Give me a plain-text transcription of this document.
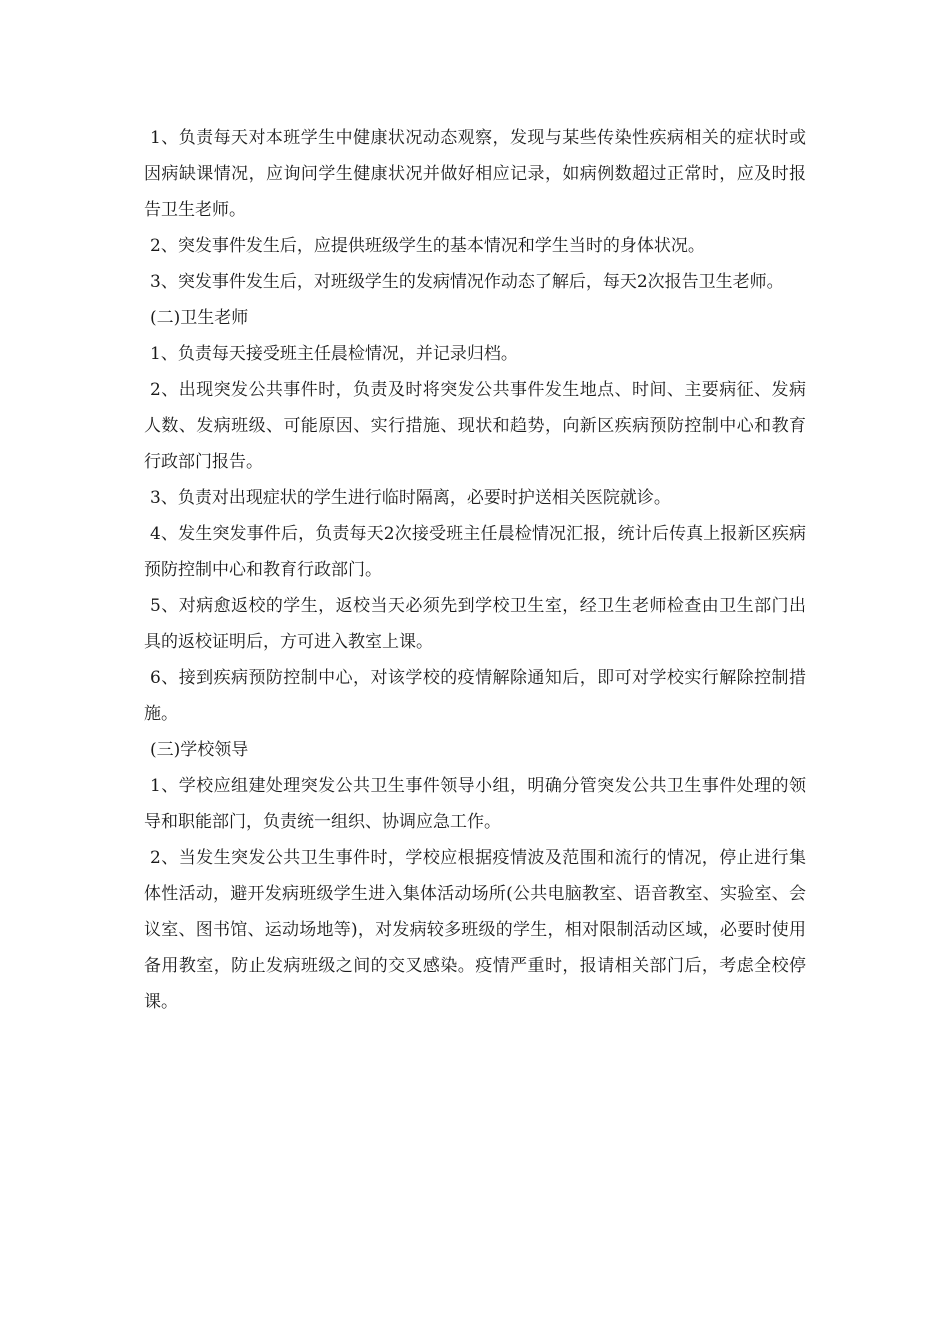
1、负责每天对本班学生中健康状况动态观察，发现与某些传染性疾病相关的症状时或因病缺课情况，应询问学生健康状况并做好相应记录，如病例数超过正常时，应及时报告卫生老师。

2、突发事件发生后，应提供班级学生的基本情况和学生当时的身体状况。

3、突发事件发生后，对班级学生的发病情况作动态了解后，每天2次报告卫生老师。

(二)卫生老师

1、负责每天接受班主任晨检情况，并记录归档。

2、出现突发公共事件时，负责及时将突发公共事件发生地点、时间、主要病征、发病人数、发病班级、可能原因、实行措施、现状和趋势，向新区疾病预防控制中心和教育行政部门报告。

3、负责对出现症状的学生进行临时隔离，必要时护送相关医院就诊。

4、发生突发事件后，负责每天2次接受班主任晨检情况汇报，统计后传真上报新区疾病预防控制中心和教育行政部门。

5、对病愈返校的学生，返校当天必须先到学校卫生室，经卫生老师检查由卫生部门出具的返校证明后，方可进入教室上课。

6、接到疾病预防控制中心，对该学校的疫情解除通知后，即可对学校实行解除控制措施。

(三)学校领导

1、学校应组建处理突发公共卫生事件领导小组，明确分管突发公共卫生事件处理的领导和职能部门，负责统一组织、协调应急工作。

2、当发生突发公共卫生事件时，学校应根据疫情波及范围和流行的情况，停止进行集体性活动，避开发病班级学生进入集体活动场所(公共电脑教室、语音教室、实验室、会议室、图书馆、运动场地等)，对发病较多班级的学生，相对限制活动区域，必要时使用备用教室，防止发病班级之间的交叉感染。疫情严重时，报请相关部门后，考虑全校停课。
